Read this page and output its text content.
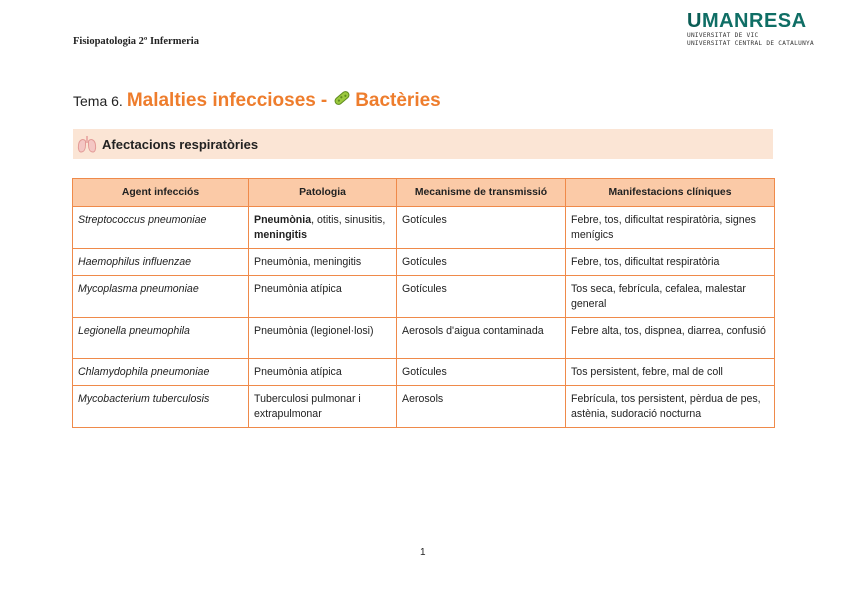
Fisiopatologia 2º Infermeria
UMANRESA
UNIVERSITAT DE VIC
UNIVERSITAT CENTRAL DE CATALUNYA
Tema 6. Malalties infeccioses - Bactèries
Afectacions respiratòries
Agent infecciós	Patologia	Mecanisme de transmissió	Manifestacions clíniques
Streptococcus pneumoniae	Pneumònia, otitis, sinusitis, meningitis	Gotícules	Febre, tos, dificultat respiratòria, signes menígics
Haemophilus influenzae	Pneumònia, meningitis	Gotícules	Febre, tos, dificultat respiratòria
Mycoplasma pneumoniae	Pneumònia atípica	Gotícules	Tos seca, febrícula, cefalea, malestar general
Legionella pneumophila	Pneumònia (legionel·losi)	Aerosols d'aigua contaminada	Febre alta, tos, dispnea, diarrea, confusió
Chlamydophila pneumoniae	Pneumònia atípica	Gotícules	Tos persistent, febre, mal de coll
Mycobacterium tuberculosis	Tuberculosi pulmonar i extrapulmonar	Aerosols	Febrícula, tos persistent, pèrdua de pes, astènia, sudoració nocturna
1
